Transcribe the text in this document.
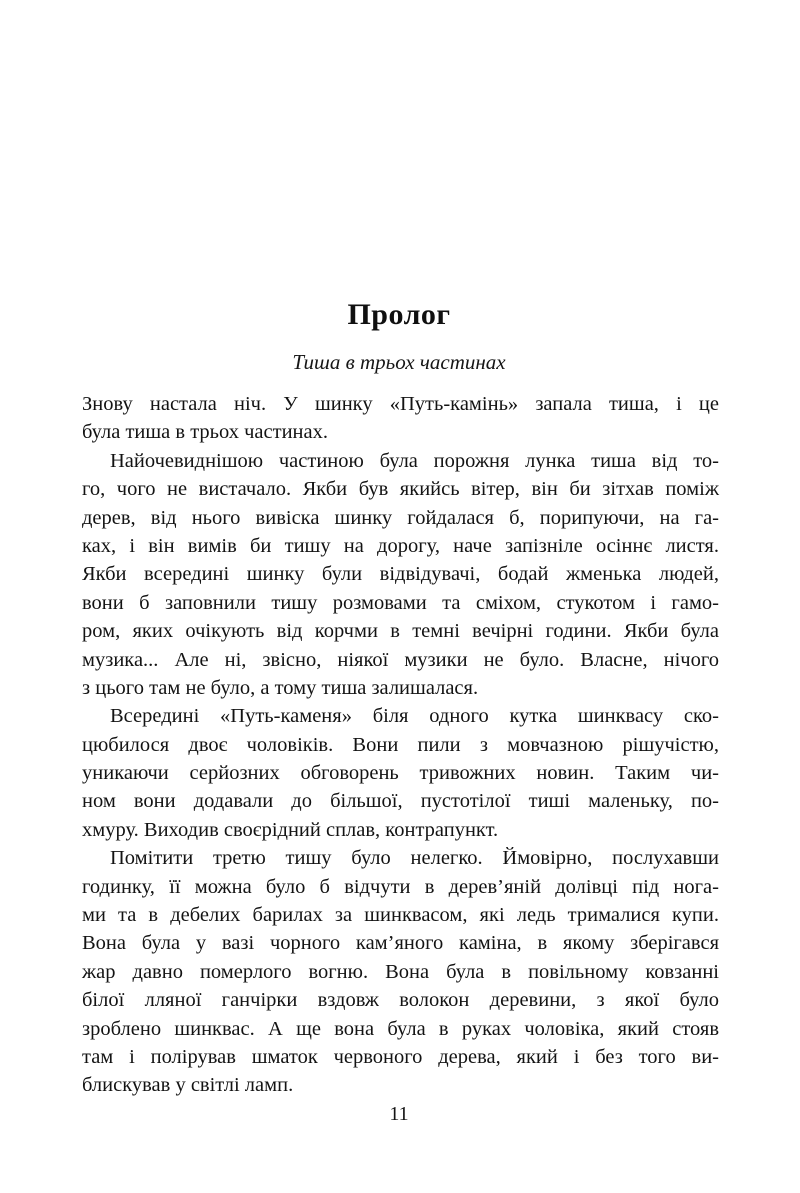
Пролог
Тиша в трьох частинах
Знову настала ніч. У шинку «Путь-камінь» запала тиша, і це
була тиша в трьох частинах.
Найочевиднішою частиною була порожня лунка тиша від то-
го, чого не вистачало. Якби був якийсь вітер, він би зітхав поміж
дерев, від нього вивіска шинку гойдалася б, порипуючи, на га-
ках, і він вимів би тишу на дорогу, наче запізніле осіннє листя.
Якби всередині шинку були відвідувачі, бодай жменька людей,
вони б заповнили тишу розмовами та сміхом, стукотом і гамо-
ром, яких очікують від корчми в темні вечірні години. Якби була
музика... Але ні, звісно, ніякої музики не було. Власне, нічого
з цього там не було, а тому тиша залишалася.
Всередині «Путь-каменя» біля одного кутка шинквасу ско-
цюбилося двоє чоловіків. Вони пили з мовчазною рішучістю,
уникаючи серйозних обговорень тривожних новин. Таким чи-
ном вони додавали до більшої, пустотілої тиші маленьку, по-
хмуру. Виходив своєрідний сплав, контрапункт.
Помітити третю тишу було нелегко. Ймовірно, послухавши
годинку, її можна було б відчути в дерев’яній долівці під нога-
ми та в дебелих барилах за шинквасом, які ледь трималися купи.
Вона була у вазі чорного кам’яного каміна, в якому зберігався
жар давно померлого вогню. Вона була в повільному ковзанні
білої лляної ганчірки вздовж волокон деревини, з якої було
зроблено шинквас. А ще вона була в руках чоловіка, який стояв
там і полірував шматок червоного дерева, який і без того ви-
блискував у світлі ламп.
11
